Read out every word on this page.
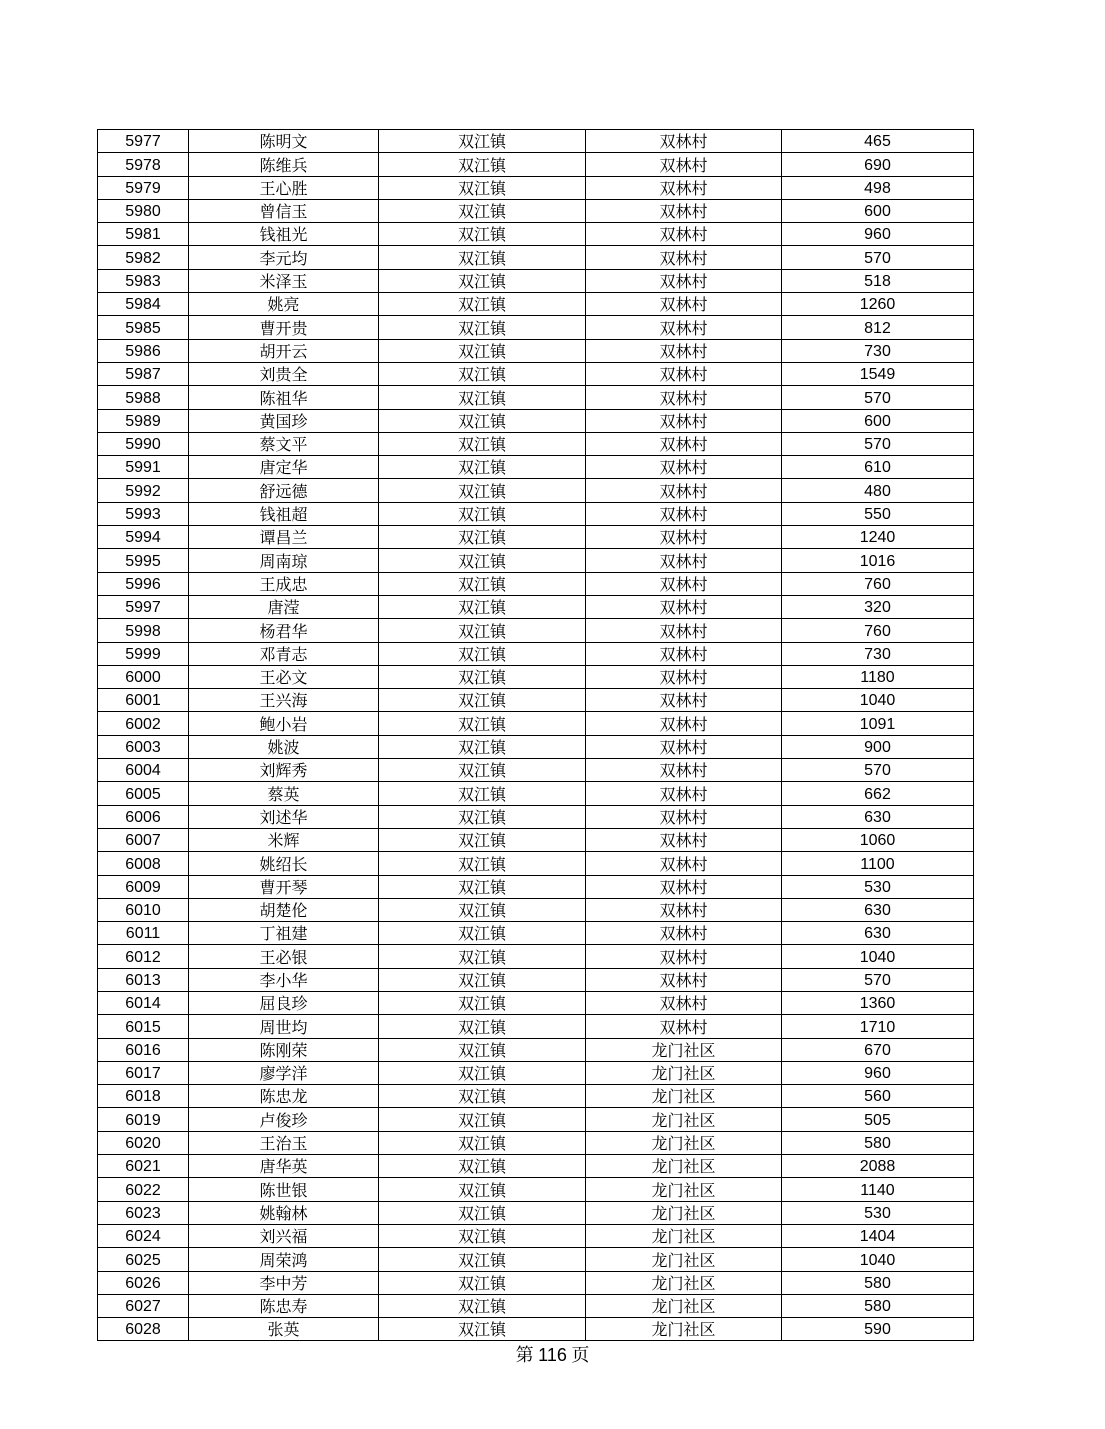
5977	陈明文	双江镇	双林村	465
5978	陈维兵	双江镇	双林村	690
5979	王心胜	双江镇	双林村	498
5980	曾信玉	双江镇	双林村	600
5981	钱祖光	双江镇	双林村	960
5982	李元均	双江镇	双林村	570
5983	米泽玉	双江镇	双林村	518
5984	姚亮	双江镇	双林村	1260
5985	曹开贵	双江镇	双林村	812
5986	胡开云	双江镇	双林村	730
5987	刘贵全	双江镇	双林村	1549
5988	陈祖华	双江镇	双林村	570
5989	黄国珍	双江镇	双林村	600
5990	蔡文平	双江镇	双林村	570
5991	唐定华	双江镇	双林村	610
5992	舒远德	双江镇	双林村	480
5993	钱祖超	双江镇	双林村	550
5994	谭昌兰	双江镇	双林村	1240
5995	周南琼	双江镇	双林村	1016
5996	王成忠	双江镇	双林村	760
5997	唐滢	双江镇	双林村	320
5998	杨君华	双江镇	双林村	760
5999	邓青志	双江镇	双林村	730
6000	王必文	双江镇	双林村	1180
6001	王兴海	双江镇	双林村	1040
6002	鲍小岩	双江镇	双林村	1091
6003	姚波	双江镇	双林村	900
6004	刘辉秀	双江镇	双林村	570
6005	蔡英	双江镇	双林村	662
6006	刘述华	双江镇	双林村	630
6007	米辉	双江镇	双林村	1060
6008	姚绍长	双江镇	双林村	1100
6009	曹开琴	双江镇	双林村	530
6010	胡楚伦	双江镇	双林村	630
6011	丁祖建	双江镇	双林村	630
6012	王必银	双江镇	双林村	1040
6013	李小华	双江镇	双林村	570
6014	屈良珍	双江镇	双林村	1360
6015	周世均	双江镇	双林村	1710
6016	陈刚荣	双江镇	龙门社区	670
6017	廖学洋	双江镇	龙门社区	960
6018	陈忠龙	双江镇	龙门社区	560
6019	卢俊珍	双江镇	龙门社区	505
6020	王治玉	双江镇	龙门社区	580
6021	唐华英	双江镇	龙门社区	2088
6022	陈世银	双江镇	龙门社区	1140
6023	姚翰林	双江镇	龙门社区	530
6024	刘兴福	双江镇	龙门社区	1404
6025	周荣鸿	双江镇	龙门社区	1040
6026	李中芳	双江镇	龙门社区	580
6027	陈忠寿	双江镇	龙门社区	580
6028	张英	双江镇	龙门社区	590
第 116 页
